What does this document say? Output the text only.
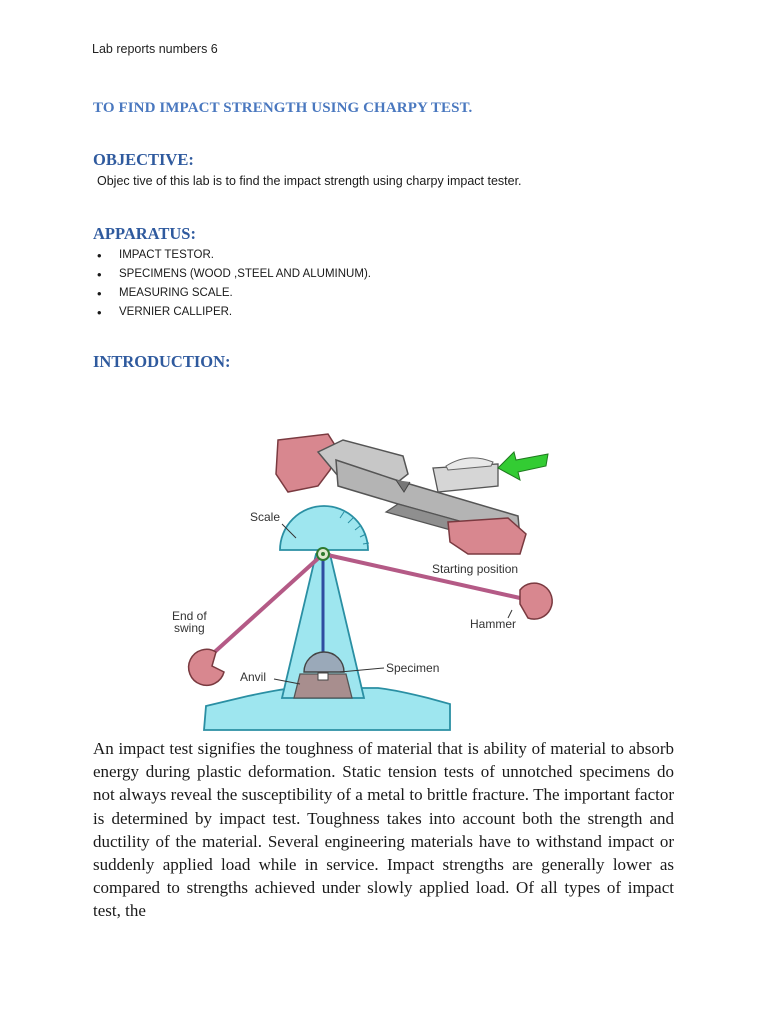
Lab reports numbers 6
TO FIND IMPACT STRENGTH USING CHARPY TEST.
OBJECTIVE:
Objec tive of this lab is to find the impact strength using charpy impact tester.
APPARATUS:
• IMPACT TESTOR.
• SPECIMENS (WOOD ,STEEL AND ALUMINUM).
• MEASURING SCALE.
• VERNIER CALLIPER.
INTRODUCTION:
Scale
Starting position
End of
swing	Hammer
Specimen
Anvil

An impact test signifies the toughness of material that is ability of material to absorb energy during plastic deformation. Static tension tests of unnotched specimens do not always reveal the susceptibility of a metal to brittle fracture. The important factor is determined by impact test. Toughness takes into account both the strength and ductility of the material. Several engineering materials have to withstand impact or suddenly applied load while in service. Impact strengths are generally lower as compared to strengths achieved under slowly applied load. Of all types of impact test, the
